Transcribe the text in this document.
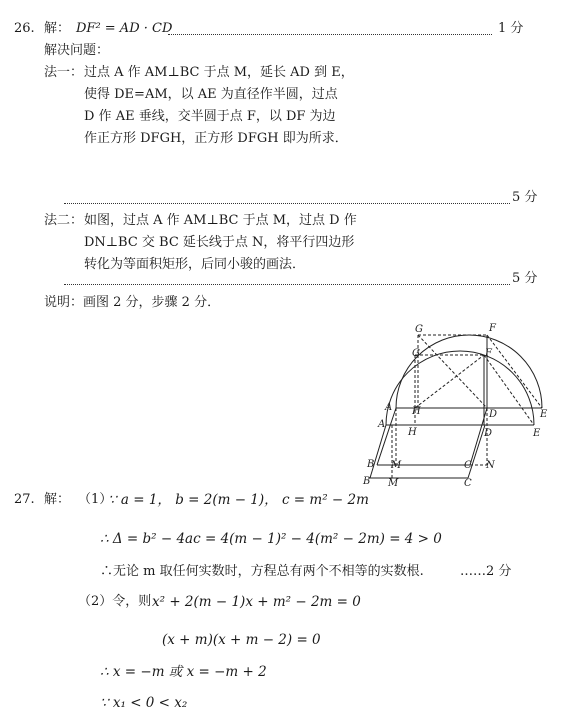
26. 解： DF² = AD · CD	1 分
解决问题：
法一： 过点 A 作 AM⊥BC 于点 M，延长 AD 到 E，
使得 DE=AM，以 AE 为直径作半圆，过点
D 作 AE 垂线，交半圆于点 F，以 DF 为边
作正方形 DFGH，正方形 DFGH 即为所求．
5 分
法二： 如图，过点 A 作 AM⊥BC 于点 M，过点 D 作
DN⊥BC 交 BC 延长线于点 N，将平行四边形
转化为等面积矩形，后同小骏的画法．
5 分
说明：画图 2 分，步骤 2 分．
G	F
G	F
A H	D	E
A
H	D	E
B M	C N
B M	C
27. 解： （1）
∵ a = 1， b = 2(m − 1)， c = m² − 2m
∴ Δ = b² − 4ac = 4(m − 1)² − 4(m² − 2m) = 4 > 0
∴无论 m 取任何实数时，方程总有两个不相等的实数根.	……2 分
（2）令，则 x² + 2(m − 1)x + m² − 2m = 0
(x + m)(x + m − 2) = 0
∴ x = −m 或 x = −m + 2
∵ x₁ < 0 < x₂
